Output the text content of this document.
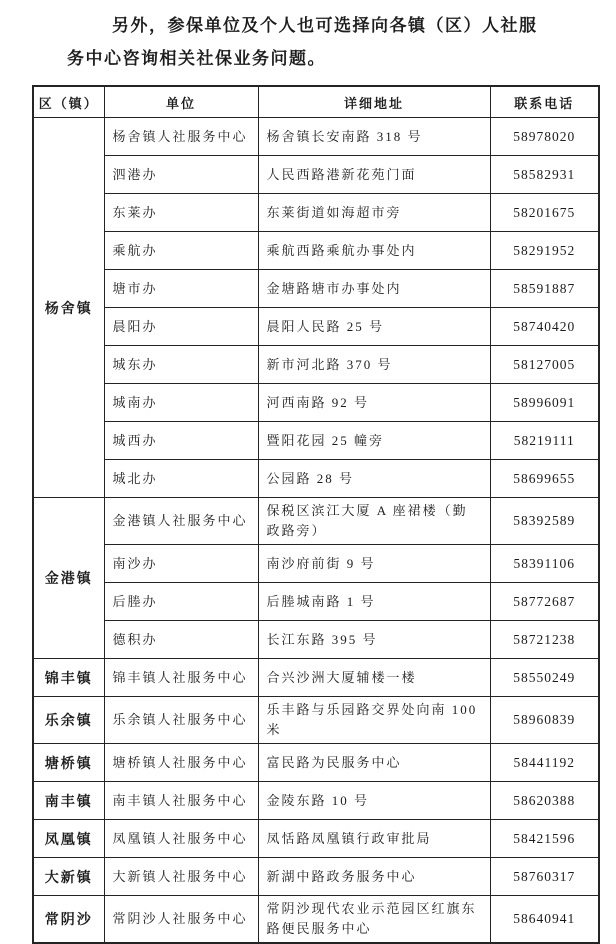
另外，参保单位及个人也可选择向各镇（区）人社服
务中心咨询相关社保业务问题。
区（镇）	单位	详细地址	联系电话
杨舍镇	杨舍镇人社服务中心	杨舍镇长安南路 318 号	58978020
	泗港办	人民西路港新花苑门面	58582931
	东莱办	东莱街道如海超市旁	58201675
	乘航办	乘航西路乘航办事处内	58291952
	塘市办	金塘路塘市办事处内	58591887
	晨阳办	晨阳人民路 25 号	58740420
	城东办	新市河北路 370 号	58127005
	城南办	河西南路 92 号	58996091
	城西办	暨阳花园 25 幢旁	58219111
	城北办	公园路 28 号	58699655
金港镇	金港镇人社服务中心	保税区滨江大厦 A 座裙楼（勤政路旁）	58392589
	南沙办	南沙府前街 9 号	58391106
	后塍办	后塍城南路 1 号	58772687
	德积办	长江东路 395 号	58721238
锦丰镇	锦丰镇人社服务中心	合兴沙洲大厦辅楼一楼	58550249
乐余镇	乐余镇人社服务中心	乐丰路与乐园路交界处向南 100 米	58960839
塘桥镇	塘桥镇人社服务中心	富民路为民服务中心	58441192
南丰镇	南丰镇人社服务中心	金陵东路 10 号	58620388
凤凰镇	凤凰镇人社服务中心	凤恬路凤凰镇行政审批局	58421596
大新镇	大新镇人社服务中心	新湖中路政务服务中心	58760317
常阴沙	常阴沙人社服务中心	常阴沙现代农业示范园区红旗东路便民服务中心	58640941
